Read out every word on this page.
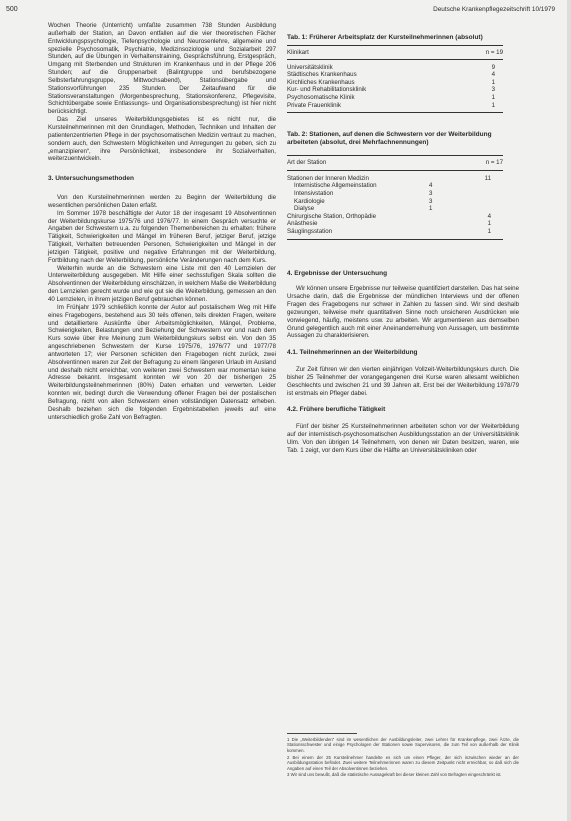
500	Deutsche Krankenpflegezeitschrift 10/1979

Wochen Theorie (Unterricht) umfaßte zusammen 738 Stunden Ausbildung außerhalb der Station, an Davon entfallen auf die vier theoretischen Fächer Entwicklungspsychologie, Tiefenpsychologie und Neurosenlehre, allgemeine und spezielle Psychosomatik, Psychiatrie, Medizinsoziologie und Sozialarbeit 297 Stunden, auf die Übungen in Verhaltenstraining, Gesprächsführung, Erstgespräch, Umgang mit Sterbenden und Strukturen im Krankenhaus und in der Pflege 206 Stunden; auf die Gruppenarbeit (Balintgruppe und berufsbezogene Selbsterfahrungsgruppe, Mittwochsabend), Stationsübergabe und Stationsvorführungen 235 Stunden. Der Zeitaufwand für die Stationsveranstaltungen (Morgenbesprechung, Stationskonferenz, Pflegevisite, Schichtübergabe sowie Entlassungs- und Organisationsbesprechung) ist hier nicht berücksichtigt.

Das Ziel unseres Weiterbildungsgebietes ist es nicht nur, die Kursteilnehmerinnen mit den Grundlagen, Methoden, Techniken und Inhalten der patientenzentrierten Pflege in der psychosomatischen Medizin vertraut zu machen, sondern auch, den Schwestern Möglichkeiten und Anregungen zu geben, sich zu „emanzipieren“, ihre Persönlichkeit, insbesondere ihr Sozialverhalten, weiterzuentwickeln.

3. Untersuchungsmethoden

Von den Kursteilnehmerinnen werden zu Beginn der Weiterbildung die wesentlichen persönlichen Daten erfaßt.

Im Sommer 1978 beschäftigte der Autor 18 der insgesamt 19 Absolventinnen der Weiterbildungskurse 1975/76 und 1976/77. In einem Gespräch versuchte er Angaben der Schwestern u.a. zu folgenden Themenbereichen zu erhalten: frühere Tätigkeit, Schwierigkeiten und Mängel im früheren Beruf, jetziger Beruf, jetzige Tätigkeit, Verhalten betreuenden Personen, Schwierigkeiten und Mängel in der jetzigen Tätigkeit, positive und negative Erfahrungen mit der Weiterbildung, Fortbildung nach der Weiterbildung, persönliche Veränderungen nach dem Kurs.

Weiterhin wurde an die Schwestern eine Liste mit den 40 Lernzielen der Unterweiterbildung ausgegeben. Mit Hilfe einer sechsstufigen Skala sollten die Absolventinnen der Weiterbildung einschätzen, in welchem Maße die Weiterbildung den Lernzielen gerecht wurde und wie gut sie die Weiterbildung, gemessen an den 40 Lernzielen, in ihrem jetzigen Beruf gebrauchen können.

Im Frühjahr 1979 schließlich konnte der Autor auf postalischem Weg mit Hilfe eines Fragebogens, bestehend aus 30 teils offenen, teils direkten Fragen, weitere und detailliertere Auskünfte über Arbeitsmöglichkeiten, Mängel, Probleme, Schwierigkeiten, Belastungen und Beziehung der Schwestern vor und nach dem Kurs sowie über ihre Meinung zum Weiterbildungskurs selbst ein. Von den 35 angeschriebenen Schwestern der Kurse 1975/76, 1976/77 und 1977/78 antworteten 17; vier Personen schickten den Fragebogen nicht zurück, zwei Absolventinnen waren zur Zeit der Befragung zu einem längeren Urlaub im Ausland und deshalb nicht erreichbar, von weiteren zwei Schwestern war momentan keine Adresse bekannt. Insgesamt konnten wir von 20 der bisherigen 25 Weiterbildungsteilnehmerinnen (80%) Daten erhalten und verwerten. Leider konnten wir, bedingt durch die Verwendung offener Fragen bei der postalischen Befragung, nicht von allen Schwestern einen vollständigen Datensatz erheben. Deshalb beziehen sich die folgenden Ergebnistabellen jeweils auf eine unterschiedlich große Zahl von Befragten.

Tab. 1: Früherer Arbeitsplatz der Kursteilnehmerinnen (absolut)
Klinikart	n = 19
Universitätsklinik	9
Städtisches Krankenhaus	4
Kirchliches Krankenhaus	1
Kur- und Rehabilitationsklinik	3
Psychosomatische Klinik	1
Private Frauenklinik	1

Tab. 2: Stationen, auf denen die Schwestern vor der Weiterbildung arbeiteten (absolut, drei Mehrfachnennungen)
Art der Station		n = 17
Stationen der Inneren Medizin		11
Internistische Allgemeinstation	4	
Intensivstation	3	
Kardiologie	3	
Dialyse	1	
Chirurgische Station, Orthopädie		4
Anästhesie		1
Säuglingsstation		1

4. Ergebnisse der Untersuchung

Wir können unsere Ergebnisse nur teilweise quantifiziert darstellen. Das hat seine Ursache darin, daß die Ergebnisse der mündlichen Interviews und der offenen Fragen des Fragebogens nur schwer in Zahlen zu fassen sind. Wir sind deshalb gezwungen, teilweise mehr quantitativen Sinne noch unsicheren Ausdrücken wie vorwiegend, häufig, meistens usw. zu arbeiten. Wir argumentieren aus demselben Grund gelegentlich auch mit einer Aneinanderreihung von Aussagen, um bestimmte Aussagen zu charakterisieren.

4.1. Teilnehmerinnen an der Weiterbildung

Zur Zeit führen wir den vierten einjährigen Vollzeit-Weiterbildungskurs durch. Die bisher 25 Teilnehmer der vorangegangenen drei Kurse waren allesamt weiblichen Geschlechts und zwischen 21 und 39 Jahren alt. Erst bei der Weiterbildung 1978/79 ist erstmals ein Pfleger dabei.

4.2. Frühere berufliche Tätigkeit

Fünf der bisher 25 Kursteilnehmerinnen arbeiteten schon vor der Weiterbildung auf der internistisch-psychosomatischen Ausbildungsstation an der Universitätsklinik Ulm. Von den übrigen 14 Teilnehmern, von denen wir Daten besitzen, waren, wie Tab. 1 zeigt, vor dem Kurs über die Hälfte an Universitätskliniken oder

1 Die „Weiterbildenden“ sind im wesentlichen der Ausbildungsleiter, zwei Lehrer für Krankenpflege, zwei Ärzte, die Stationsschwester und einige Psychologen der Stationen sowie Supervisoren, die zum Teil von außerhalb der Klinik kommen.

2 Bei einem der 25 Kursteilnehmer handelte es sich um einen Pfleger, der sich inzwischen wieder an der Ausbildungsstation befindet. Zwei weitere Teilnehmerinnen waren zu diesem Zeitpunkt nicht erreichbar, so daß sich die Angaben auf einen Teil der Absolventinnen beziehen.

3 Wir sind uns bewußt, daß die statistische Aussagekraft bei dieser kleinen Zahl von Befragten eingeschränkt ist.
